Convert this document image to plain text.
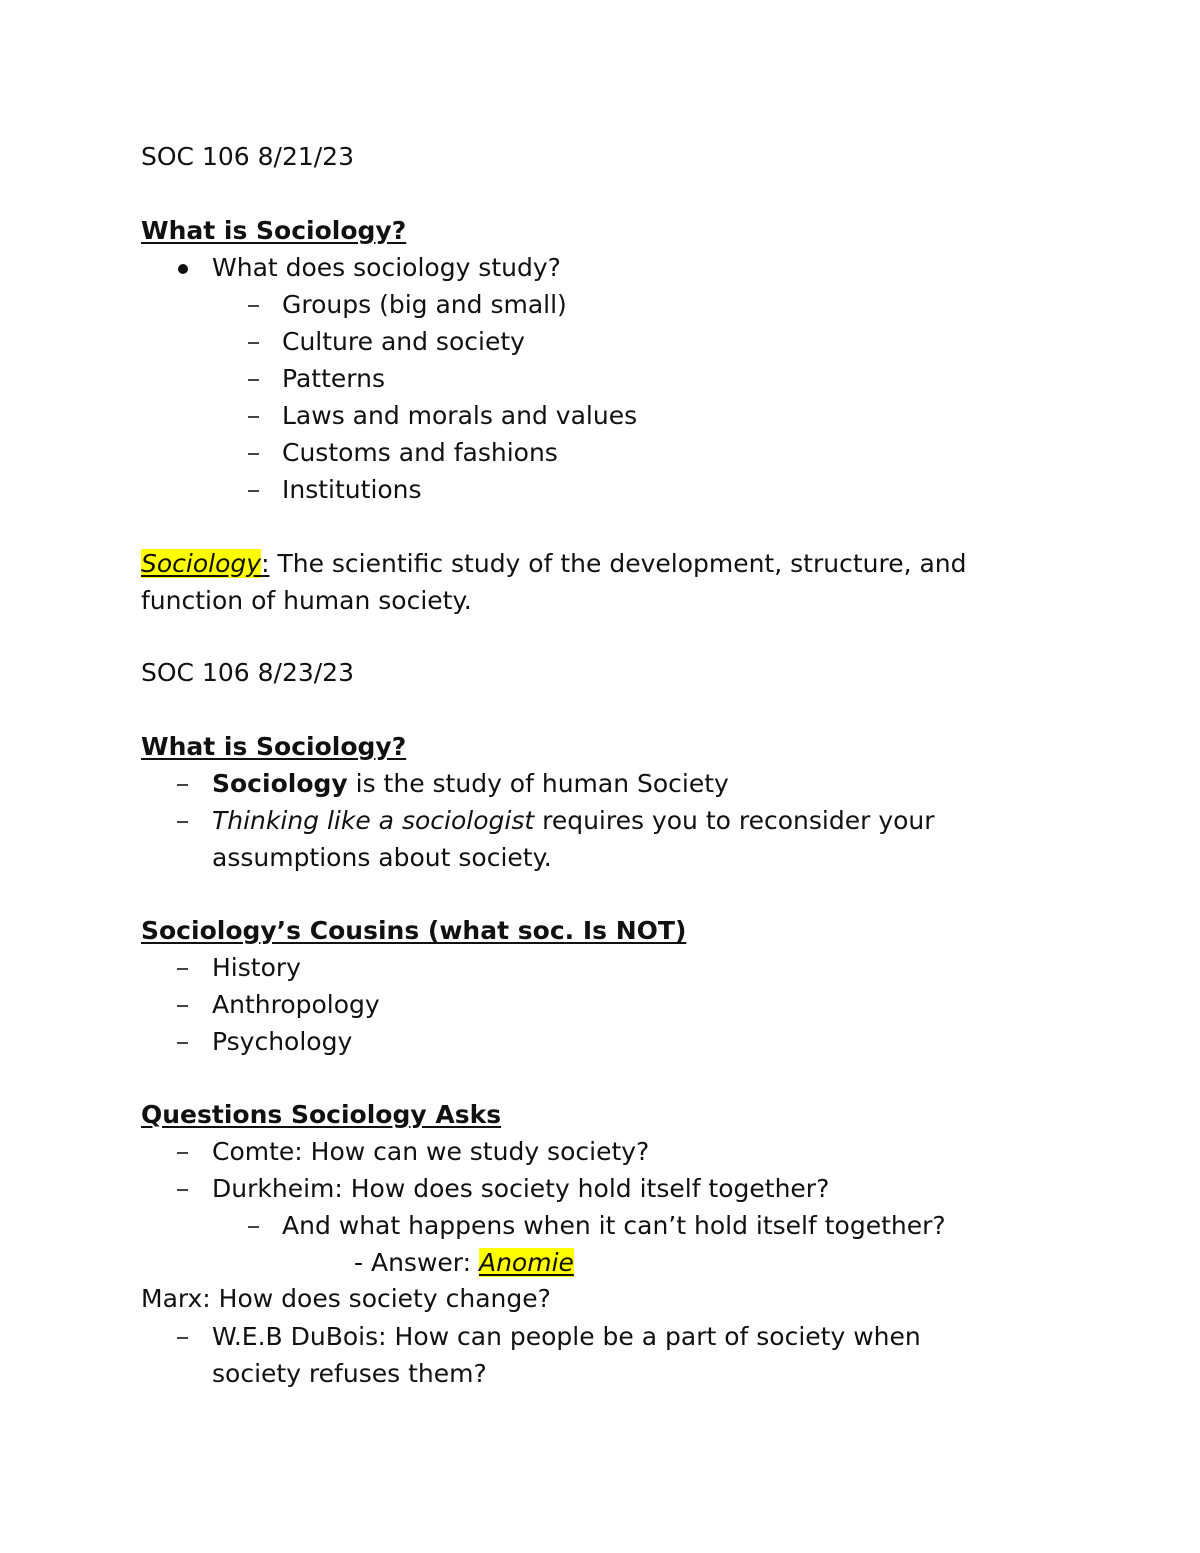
SOC 106 8/21/23
What is Sociology?
What does sociology study?
Groups (big and small)
Culture and society
Patterns
Laws and morals and values
Customs and fashions
Institutions
Sociology: The scientific study of the development, structure, and
function of human society.
SOC 106 8/23/23
What is Sociology?
Sociology is the study of human Society
Thinking like a sociologist requires you to reconsider your
assumptions about society.
Sociology’s Cousins (what soc. Is NOT)
History
Anthropology
Psychology
Questions Sociology Asks
Comte: How can we study society?
Durkheim: How does society hold itself together?
And what happens when it can’t hold itself together?
- Answer: Anomie
Marx: How does society change?
W.E.B DuBois: How can people be a part of society when
society refuses them?
